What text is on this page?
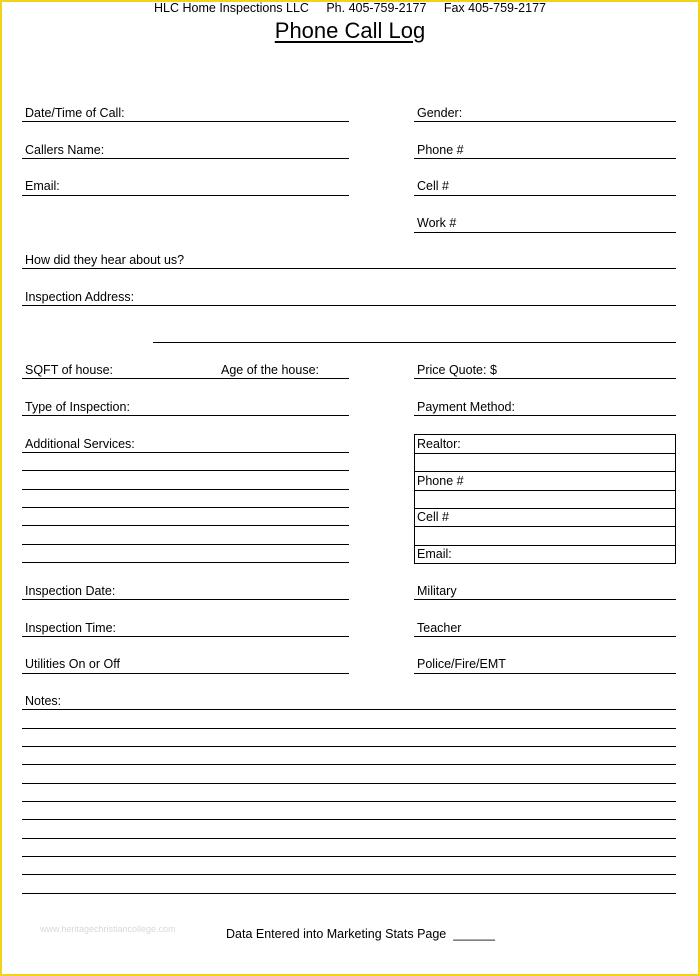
HLC Home Inspections LLC Ph. 405-759-2177 Fax 405-759-2177
Phone Call Log
Date/Time of Call:	Gender:
Callers Name:	Phone #
Email:	Cell #
Work #
How did they hear about us?
Inspection Address:
SQFT of house:	Age of the house:	Price Quote: $
Type of Inspection:	Payment Method:
Additional Services:	Realtor:
Phone #
Cell #
Email:
Inspection Date:	Military
Inspection Time:	Teacher
Utilities On or Off	Police/Fire/EMT
Notes:
www.heritagechristiancollege.com	Data Entered into Marketing Stats Page  ______
